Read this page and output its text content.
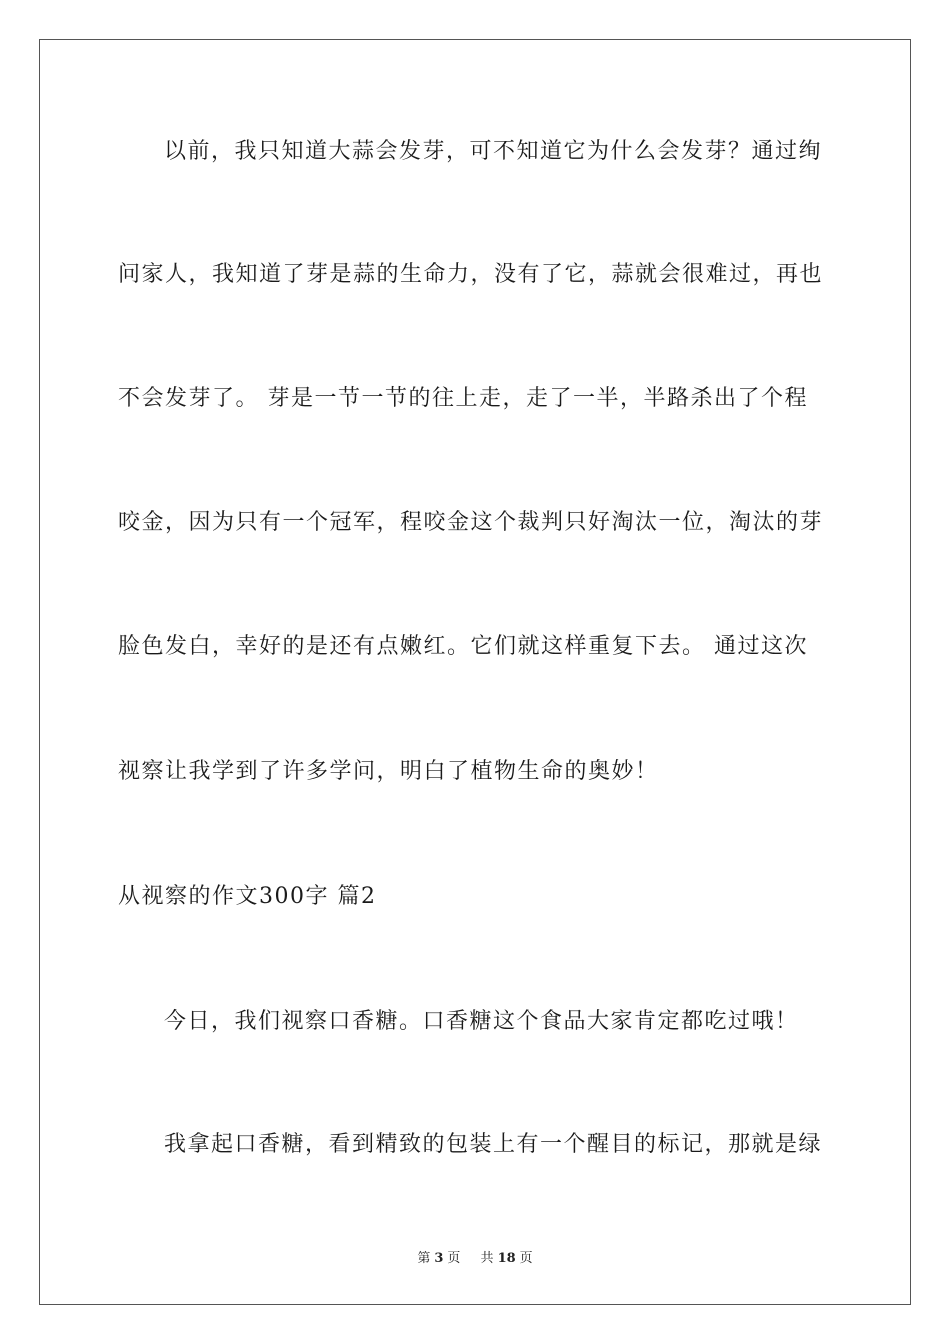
以前，我只知道大蒜会发芽，可不知道它为什么会发芽？通过绚
问家人，我知道了芽是蒜的生命力，没有了它，蒜就会很难过，再也
不会发芽了。 芽是一节一节的往上走，走了一半，半路杀出了个程
咬金，因为只有一个冠军，程咬金这个裁判只好淘汰一位，淘汰的芽
脸色发白，幸好的是还有点嫩红。它们就这样重复下去。 通过这次
视察让我学到了许多学问，明白了植物生命的奥妙！
从视察的作文300字 篇2
今日，我们视察口香糖。口香糖这个食品大家肯定都吃过哦！
我拿起口香糖，看到精致的包装上有一个醒目的标记，那就是绿
第 3 页 共 18 页
